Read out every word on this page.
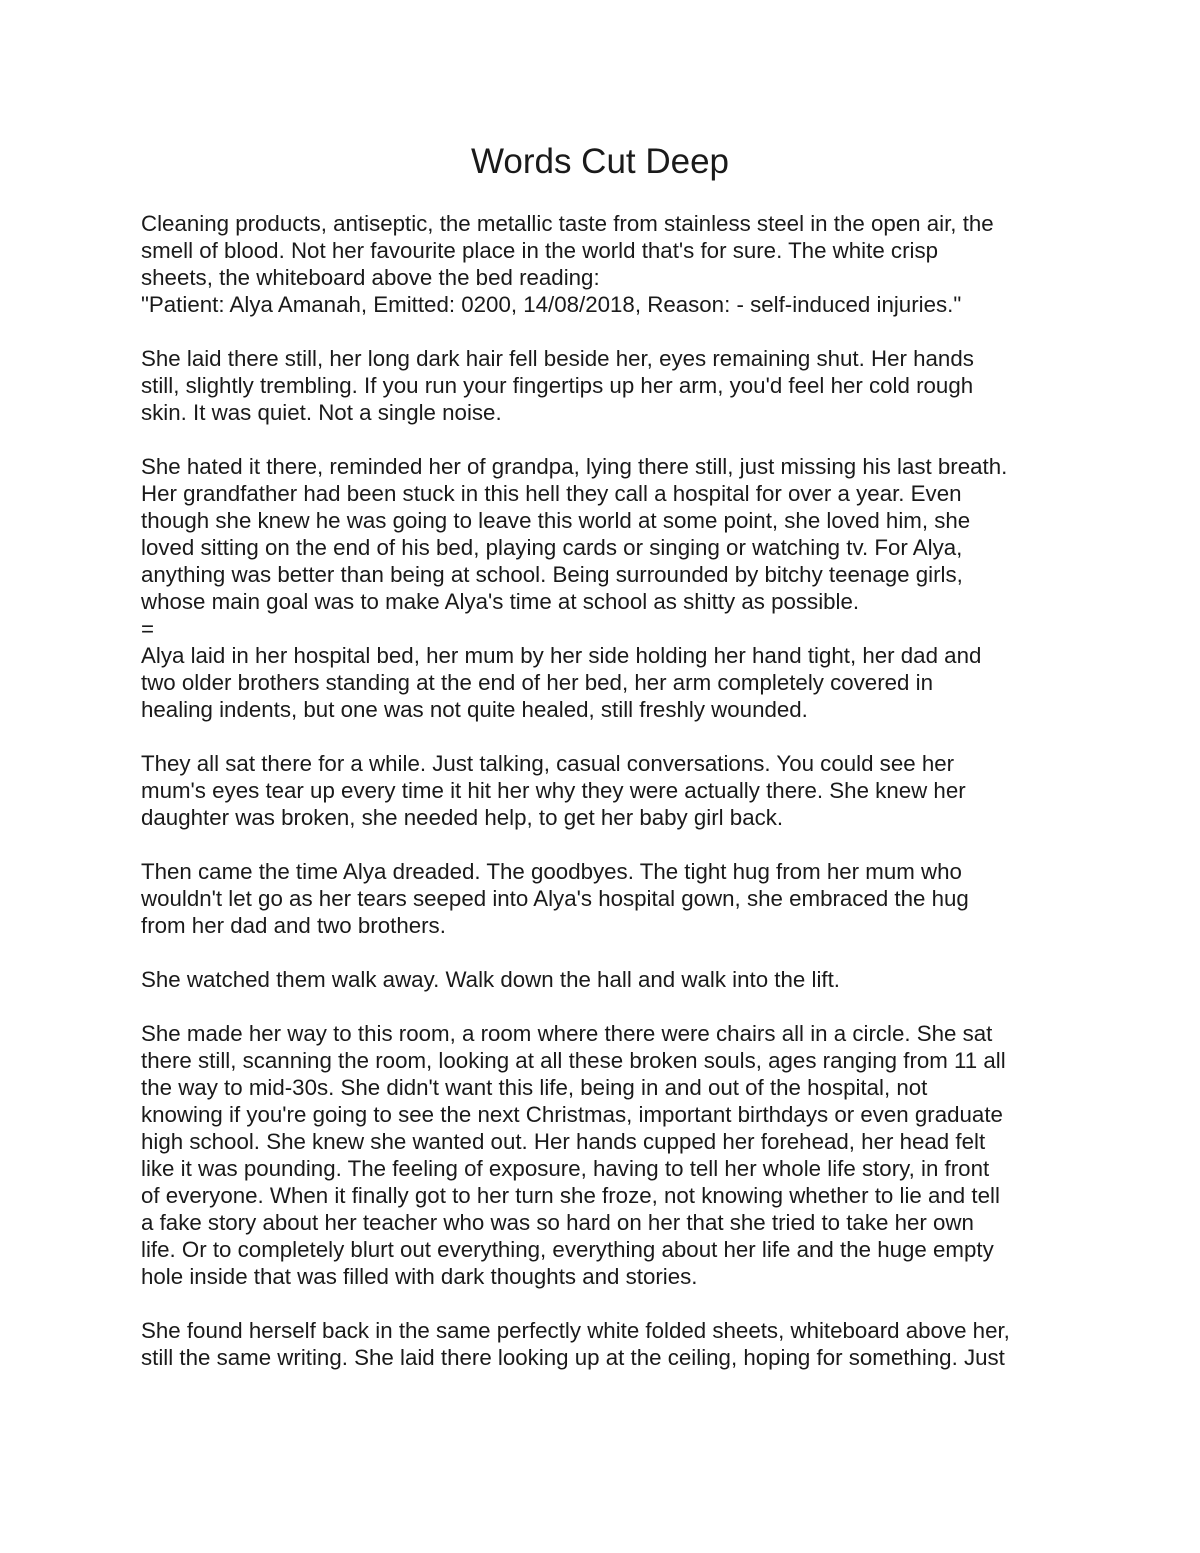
Words Cut Deep

Cleaning products, antiseptic, the metallic taste from stainless steel in the open air, the
smell of blood. Not her favourite place in the world that's for sure. The white crisp
sheets, the whiteboard above the bed reading:
"Patient: Alya Amanah, Emitted: 0200, 14/08/2018, Reason: - self-induced injuries."

She laid there still, her long dark hair fell beside her, eyes remaining shut. Her hands
still, slightly trembling. If you run your fingertips up her arm, you'd feel her cold rough
skin. It was quiet. Not a single noise.

She hated it there, reminded her of grandpa, lying there still, just missing his last breath.
Her grandfather had been stuck in this hell they call a hospital for over a year. Even
though she knew he was going to leave this world at some point, she loved him, she
loved sitting on the end of his bed, playing cards or singing or watching tv. For Alya,
anything was better than being at school. Being surrounded by bitchy teenage girls,
whose main goal was to make Alya's time at school as shitty as possible.
=
Alya laid in her hospital bed, her mum by her side holding her hand tight, her dad and
two older brothers standing at the end of her bed, her arm completely covered in
healing indents, but one was not quite healed, still freshly wounded.

They all sat there for a while. Just talking, casual conversations. You could see her
mum's eyes tear up every time it hit her why they were actually there. She knew her
daughter was broken, she needed help, to get her baby girl back.

Then came the time Alya dreaded. The goodbyes. The tight hug from her mum who
wouldn't let go as her tears seeped into Alya's hospital gown, she embraced the hug
from her dad and two brothers.

She watched them walk away. Walk down the hall and walk into the lift.

She made her way to this room, a room where there were chairs all in a circle. She sat
there still, scanning the room, looking at all these broken souls, ages ranging from 11 all
the way to mid-30s. She didn't want this life, being in and out of the hospital, not
knowing if you're going to see the next Christmas, important birthdays or even graduate
high school. She knew she wanted out. Her hands cupped her forehead, her head felt
like it was pounding. The feeling of exposure, having to tell her whole life story, in front
of everyone. When it finally got to her turn she froze, not knowing whether to lie and tell
a fake story about her teacher who was so hard on her that she tried to take her own
life. Or to completely blurt out everything, everything about her life and the huge empty
hole inside that was filled with dark thoughts and stories.

She found herself back in the same perfectly white folded sheets, whiteboard above her,
still the same writing. She laid there looking up at the ceiling, hoping for something. Just
